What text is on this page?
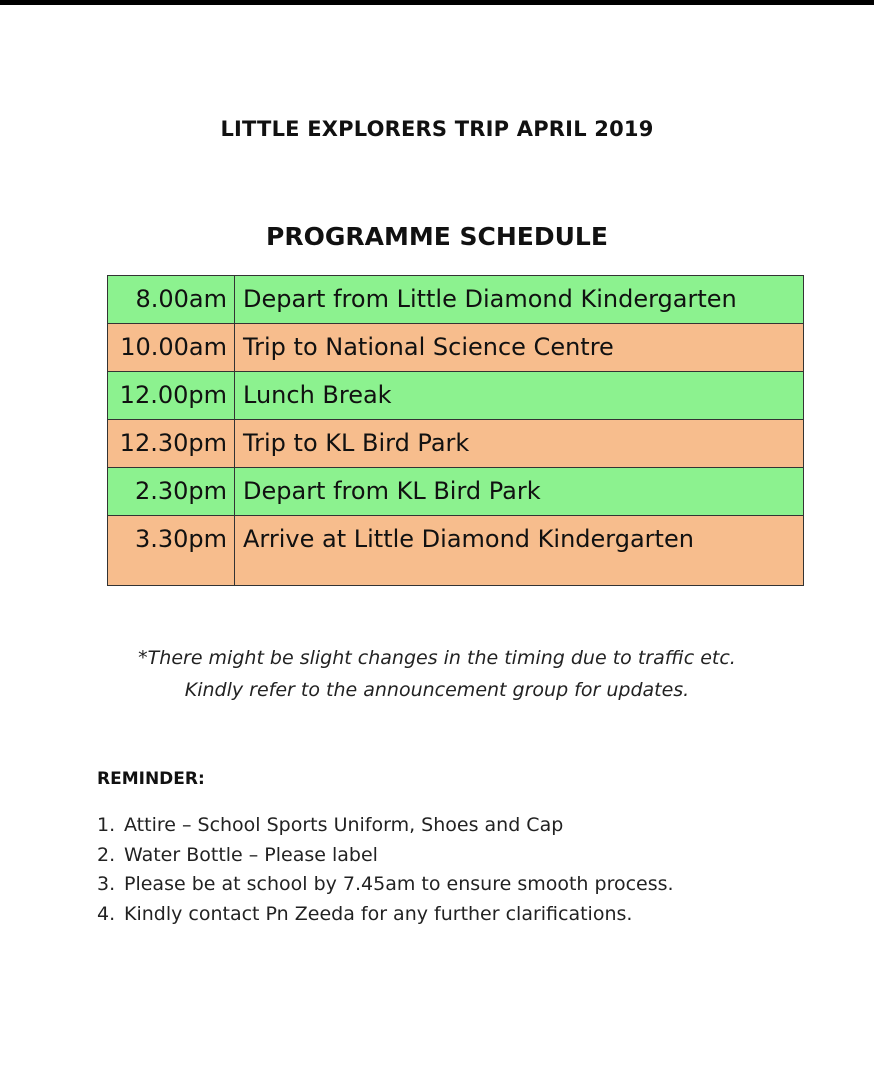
LITTLE EXPLORERS TRIP APRIL 2019
PROGRAMME SCHEDULE
8.00am	Depart from Little Diamond Kindergarten
10.00am	Trip to National Science Centre
12.00pm	Lunch Break
12.30pm	Trip to KL Bird Park
2.30pm	Depart from KL Bird Park
3.30pm	Arrive at Little Diamond Kindergarten
*There might be slight changes in the timing due to traffic etc.
Kindly refer to the announcement group for updates.
REMINDER:
1. Attire – School Sports Uniform, Shoes and Cap
2. Water Bottle – Please label
3. Please be at school by 7.45am to ensure smooth process.
4. Kindly contact Pn Zeeda for any further clarifications.
